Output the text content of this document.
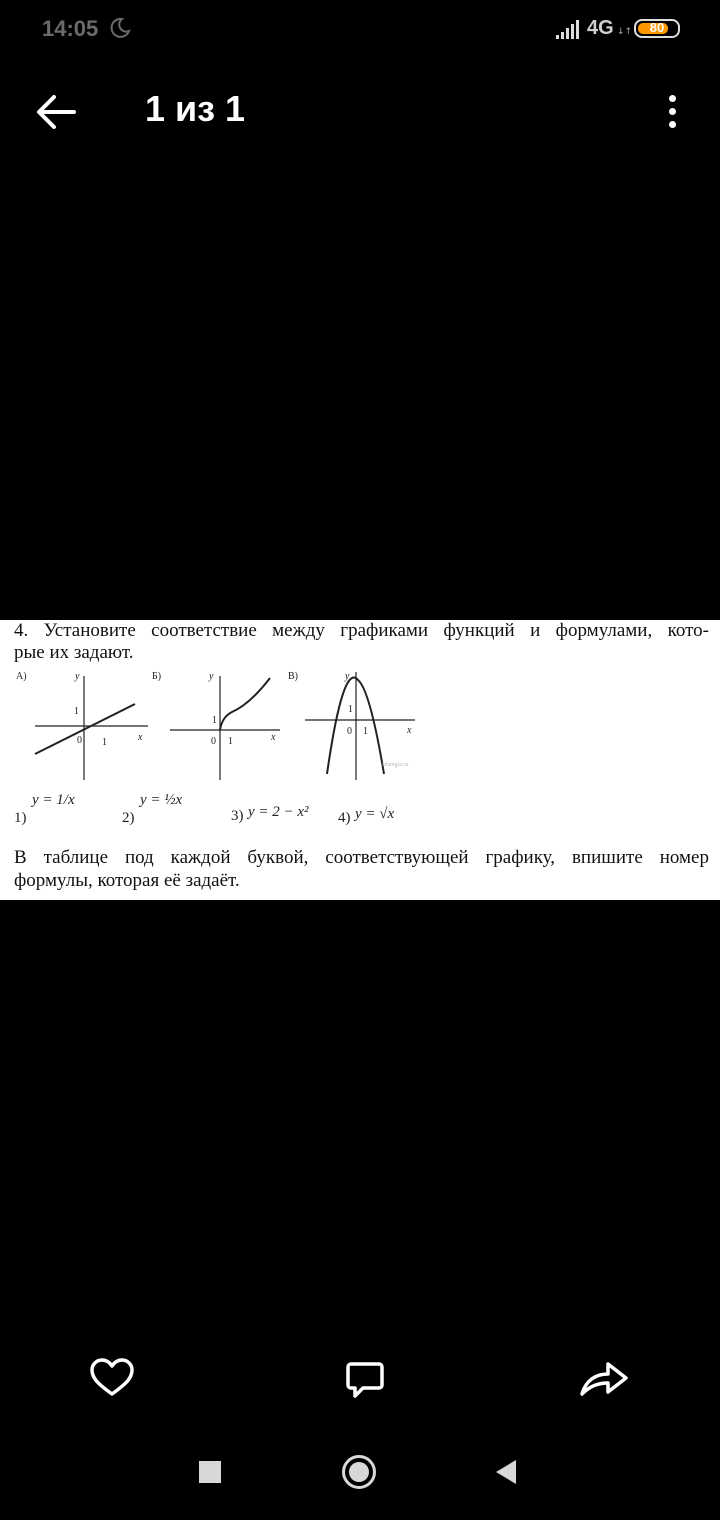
14:05	4G ↓↑	80
1 из 1
4. Установите соответствие между графиками функций и формулами, кото-
рые их задают.
А)	y
x
1
1
0
Б)	y
x
1
1
0
В)	y
x
1
1
0
sdamgia.ru
1)
y = 1/x
2)
y = ½x
3) y = 2 − x² 4) y = √x
В таблице под каждой буквой, соответствующей графику, впишите номер
формулы, которая её задаёт.
